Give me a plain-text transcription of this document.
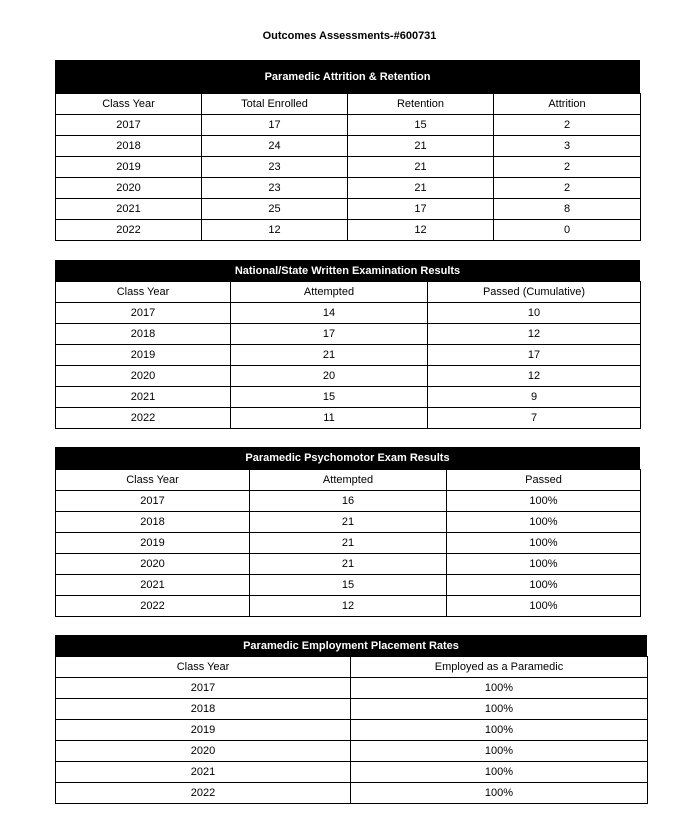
Outcomes Assessments-#600731
Paramedic Attrition & Retention
Class Year	Total Enrolled	Retention	Attrition
2017	17	15	2
2018	24	21	3
2019	23	21	2
2020	23	21	2
2021	25	17	8
2022	12	12	0
National/State Written Examination Results
Class Year	Attempted	Passed (Cumulative)
2017	14	10
2018	17	12
2019	21	17
2020	20	12
2021	15	9
2022	11	7
Paramedic Psychomotor Exam Results
Class Year	Attempted	Passed
2017	16	100%
2018	21	100%
2019	21	100%
2020	21	100%
2021	15	100%
2022	12	100%
Paramedic Employment Placement Rates
Class Year	Employed as a Paramedic
2017	100%
2018	100%
2019	100%
2020	100%
2021	100%
2022	100%
